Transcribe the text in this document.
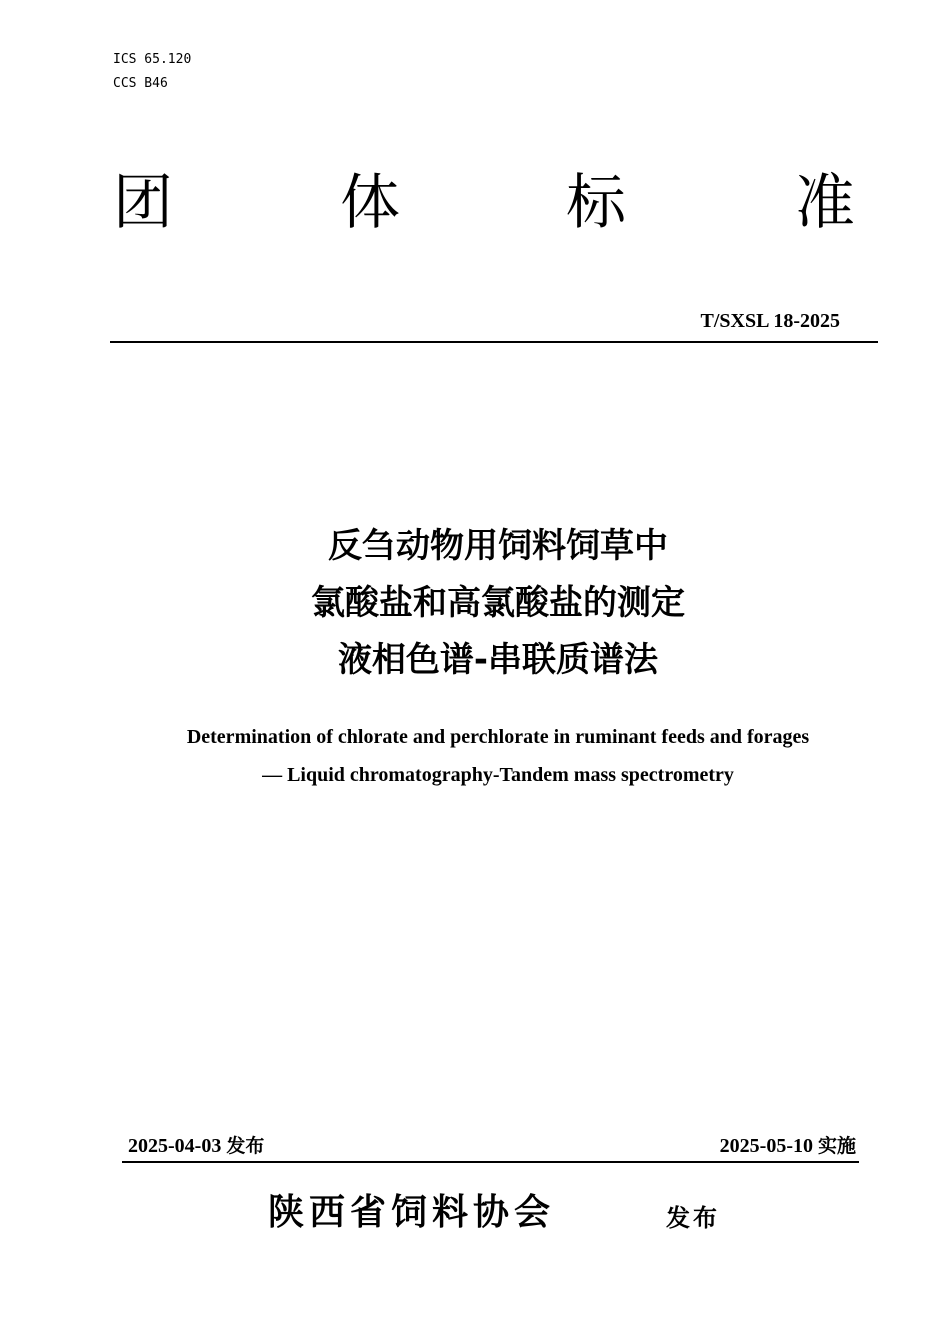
ICS 65.120
CCS B46
团	体	标	准
T/SXSL 18-2025
反刍动物用饲料饲草中
氯酸盐和高氯酸盐的测定
液相色谱-串联质谱法
Determination of chlorate and perchlorate in ruminant feeds and forages
— Liquid chromatography-Tandem mass spectrometry
2025-04-03 发布	2025-05-10 实施
陕西省饲料协会	发布
